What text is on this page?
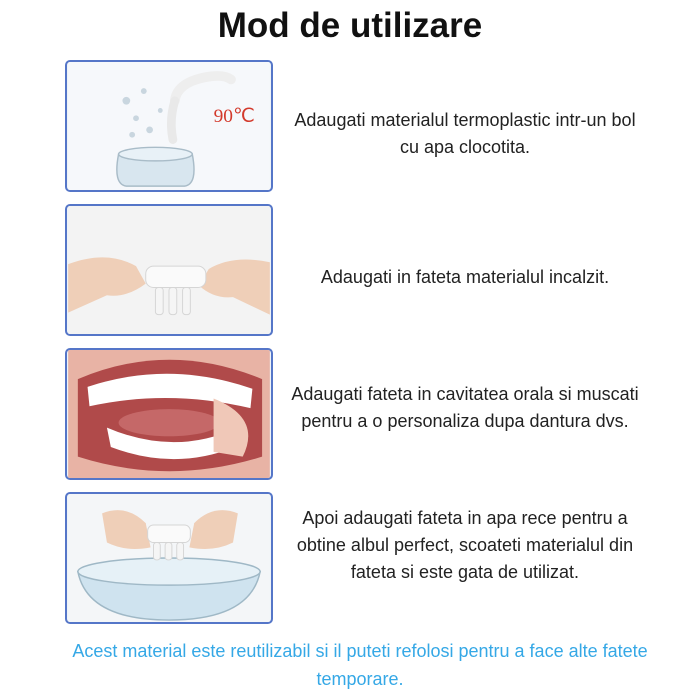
Mod de utilizare
90℃ Adaugati materialul termoplastic intr-un bol cu apa clocotita.
Adaugati in fateta materialul incalzit.
Adaugati fateta in cavitatea orala si muscati pentru a o personaliza dupa dantura dvs.
Apoi adaugati fateta in apa rece pentru a obtine albul perfect, scoateti materialul din fateta si este gata de utilizat.
Acest material este reutilizabil si il puteti refolosi pentru a face alte fatete temporare.
